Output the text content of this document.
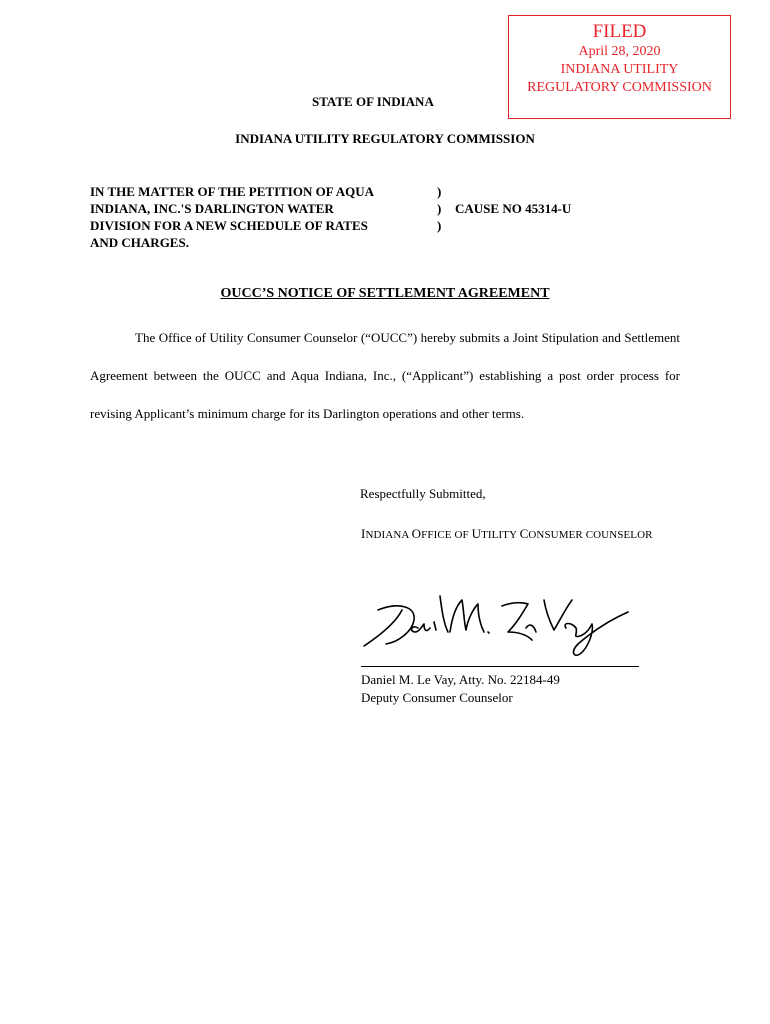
FILED
April 28, 2020
INDIANA UTILITY
REGULATORY COMMISSION
STATE OF INDIANA
INDIANA UTILITY REGULATORY COMMISSION
IN THE MATTER OF THE PETITION OF AQUA
INDIANA, INC.'S DARLINGTON WATER
DIVISION FOR A NEW SCHEDULE OF RATES
AND CHARGES.
)
)
)
CAUSE NO 45314-U
OUCC’S NOTICE OF SETTLEMENT AGREEMENT
The Office of Utility Consumer Counselor (“OUCC”) hereby submits a Joint Stipulation and Settlement Agreement between the OUCC and Aqua Indiana, Inc., (“Applicant”) establishing a post order process for revising Applicant’s minimum charge for its Darlington operations and other terms.
Respectfully Submitted,
INDIANA OFFICE OF UTILITY CONSUMER COUNSELOR
Daniel M. Le Vay, Atty. No. 22184-49
Deputy Consumer Counselor
